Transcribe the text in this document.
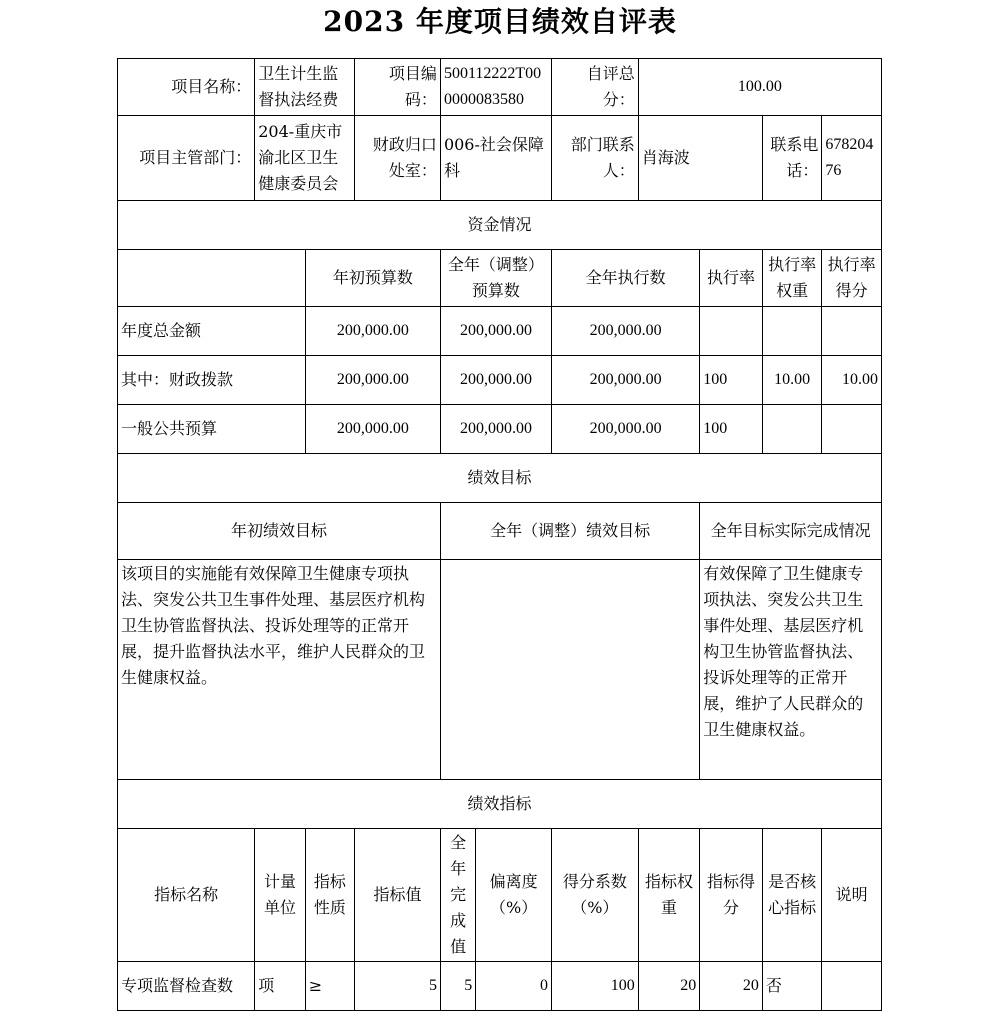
2023 年度项目绩效自评表
项目名称：	卫生计生监督执法经费		项目编码：	500112222T000000083580		自评总分：	100.00			
项目主管部门：	204-重庆市渝北区卫生健康委员会		财政归口处室：	006-社会保障科		部门联系人：	肖海波		联系电话：	67820476
资金情况										
		年初预算数		全年（调整）预算数		全年执行数		执行率	执行率权重	执行率得分
年度总金额		200,000.00		200,000.00		200,000.00				
其中：财政拨款		200,000.00		200,000.00		200,000.00		100	10.00	10.00
一般公共预算		200,000.00		200,000.00		200,000.00		100		
绩效目标										
年初绩效目标				全年（调整）绩效目标				全年目标实际完成情况		
该项目的实施能有效保障卫生健康专项执法、突发公共卫生事件处理、基层医疗机构卫生协管监督执法、投诉处理等的正常开展，提升监督执法水平，维护人民群众的卫生健康权益。								有效保障了卫生健康专项执法、突发公共卫生事件处理、基层医疗机构卫生协管监督执法、投诉处理等的正常开展，维护了人民群众的卫生健康权益。		
绩效指标										
指标名称	计量单位	指标性质	指标值	全年完成值	偏离度（%）	得分系数（%）	指标权重	指标得分	是否核心指标	说明
专项监督检查数	项	≥	5	5	0	100	20	20	否	
